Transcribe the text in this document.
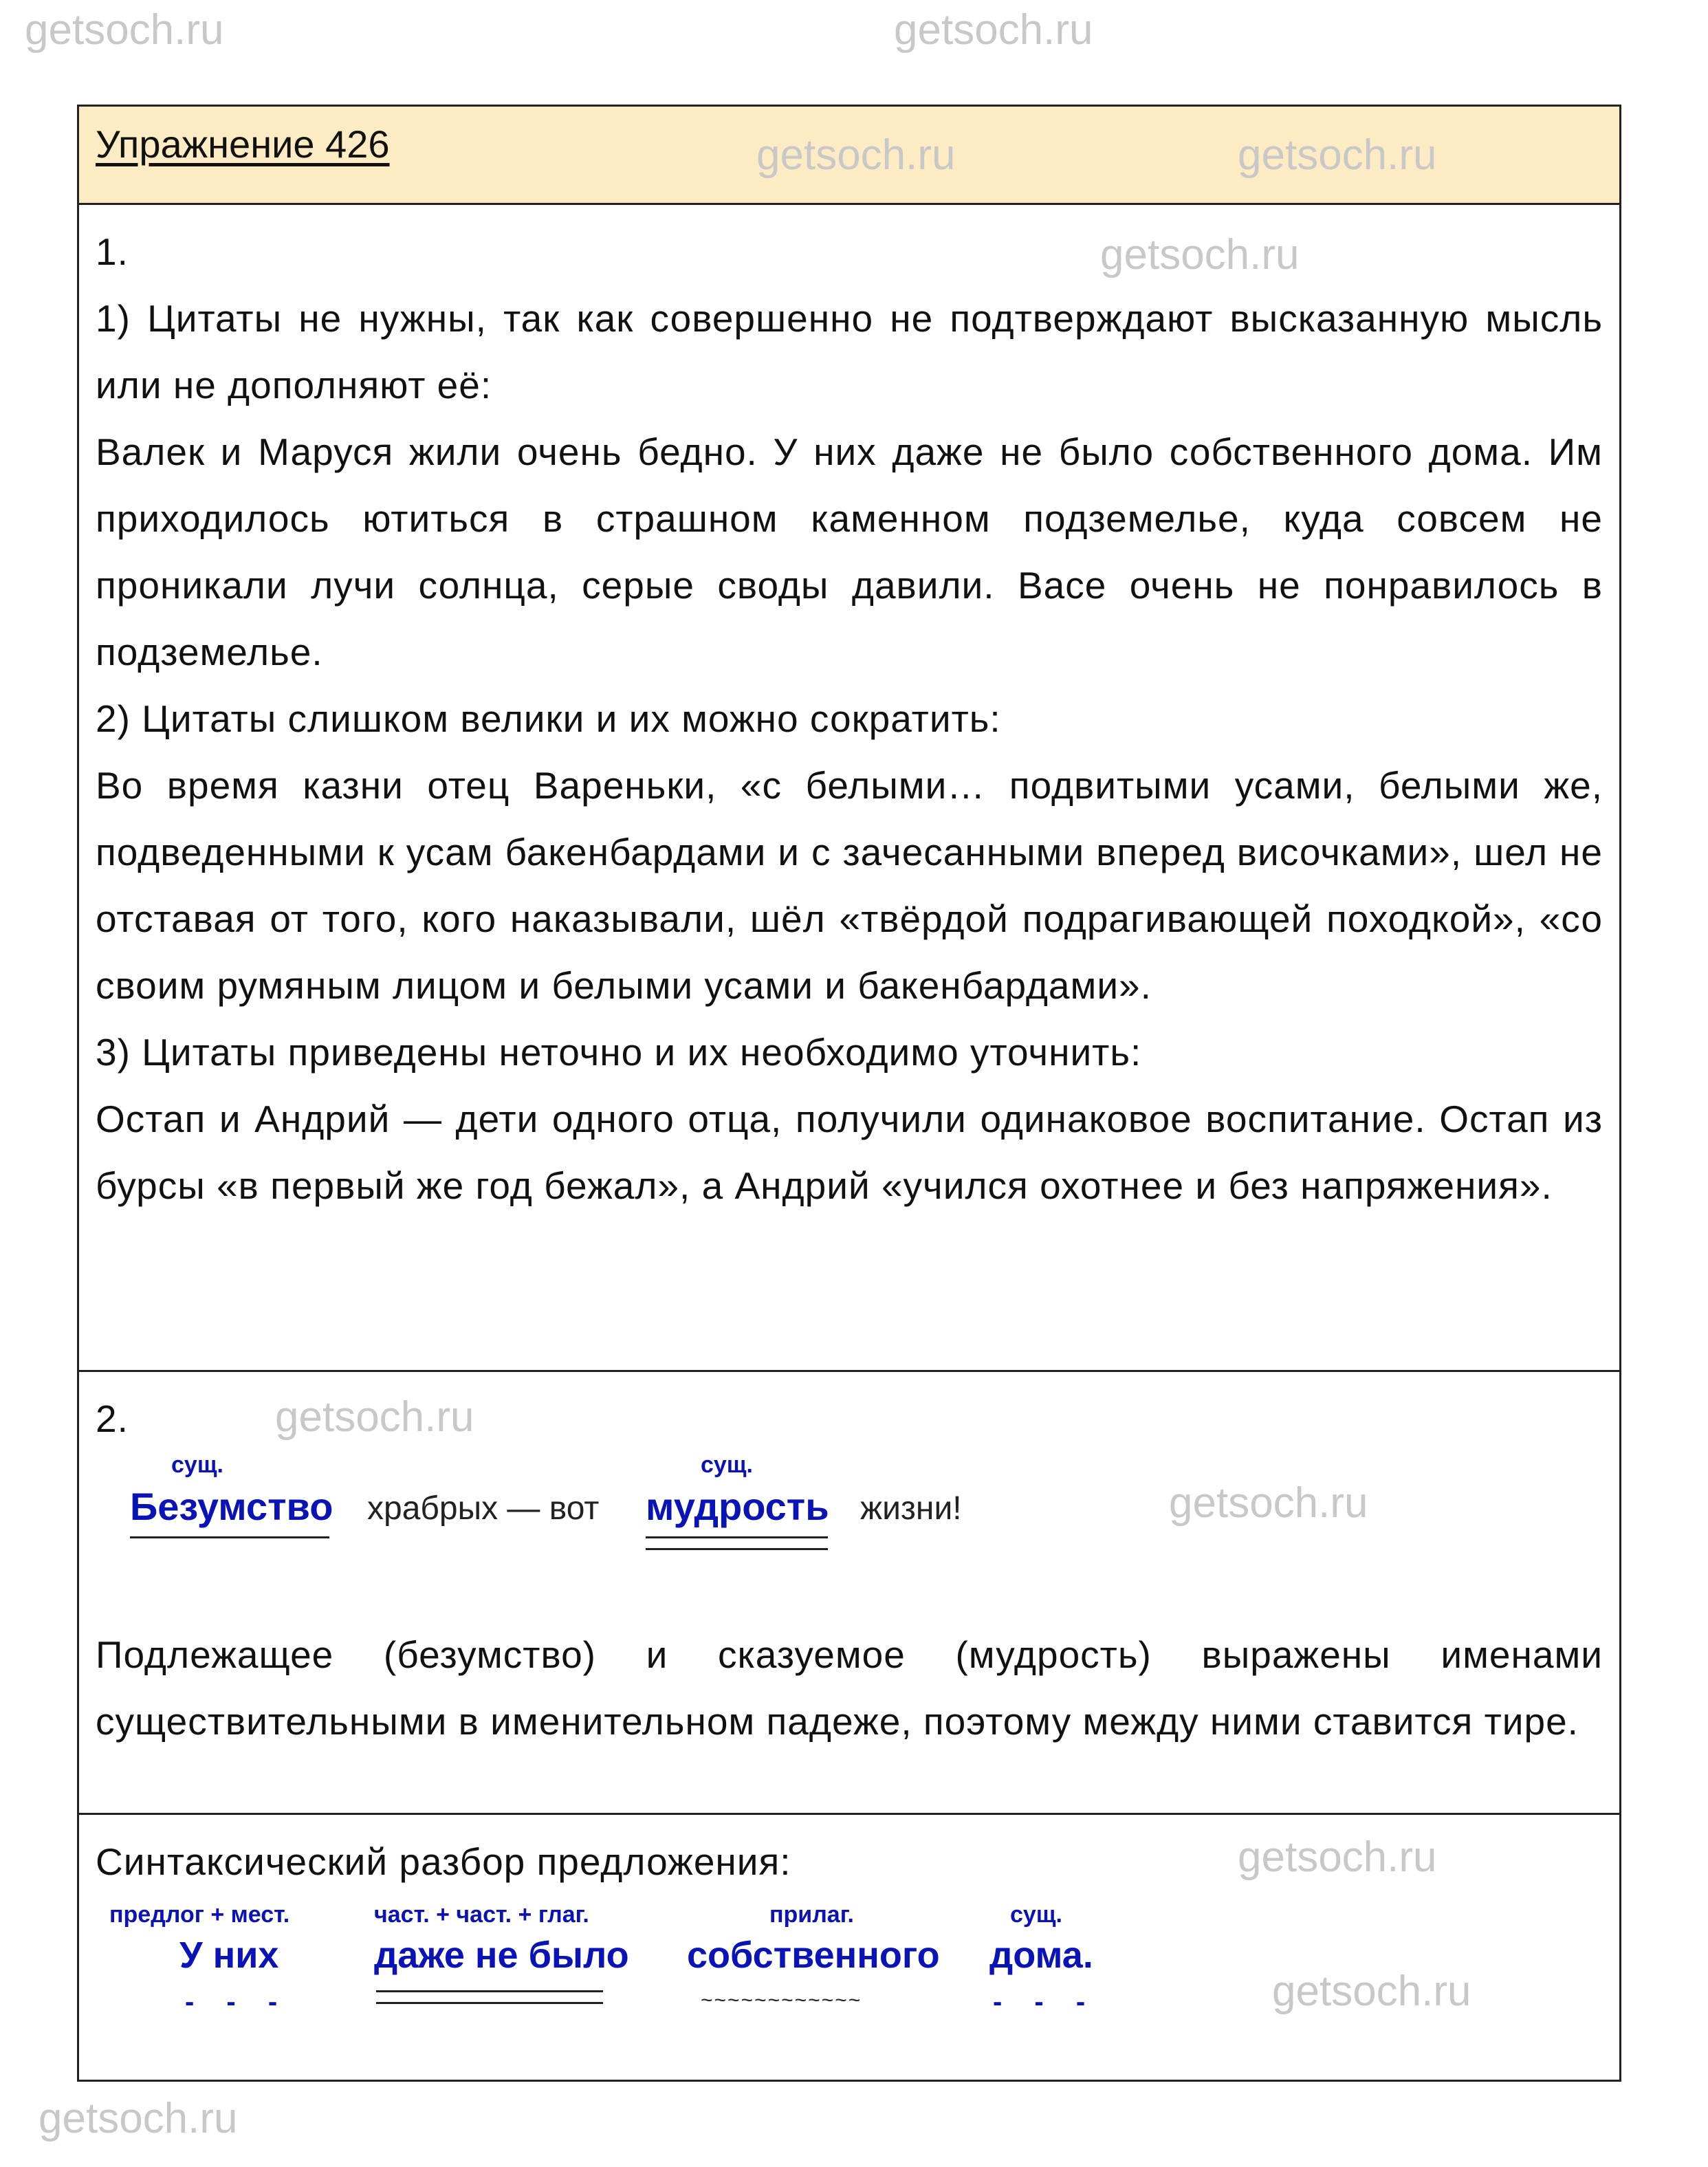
getsoch.ru	getsoch.ru
getsoch.ru	getsoch.ru
getsoch.ru
getsoch.ru
getsoch.ru
getsoch.ru
getsoch.ru
getsoch.ru
Упражнение 426

1.

1) Цитаты не нужны, так как совершенно не подтверждают высказанную мысль или не дополняют её:

Валек и Маруся жили очень бедно. У них даже не было собственного дома. Им приходилось ютиться в страшном каменном подземелье, куда совсем не проникали лучи солнца, серые своды давили. Васе очень не понравилось в подземелье.

2) Цитаты слишком велики и их можно сократить:

Во время казни отец Вареньки, «с белыми… подвитыми усами, белыми же, подведенными к усам бакенбардами и с зачесанными вперед височками», шел не отставая от того, кого наказывали, шёл «твёрдой подрагивающей походкой», «со своим румяным лицом и белыми усами и бакенбардами».

3) Цитаты приведены неточно и их необходимо уточнить:

Остап и Андрий — дети одного отца, получили одинаковое воспитание. Остап из бурсы «в первый же год бежал», а Андрий «учился охотнее и без напряжения».

2.

сущ.
Безумство храбрых — вот
сущ.
мудрость жизни!

Подлежащее (безумство) и сказуемое (мудрость) выражены именами существительными в именительном падеже, поэтому между ними ставится тире.

Синтаксический разбор предложения:

предлог + мест.
У них
- - -
част. + част. + глаг.
даже не было
прилаг.
собственного
~~~~~~~~~~~~
сущ.
дома.
- - -
